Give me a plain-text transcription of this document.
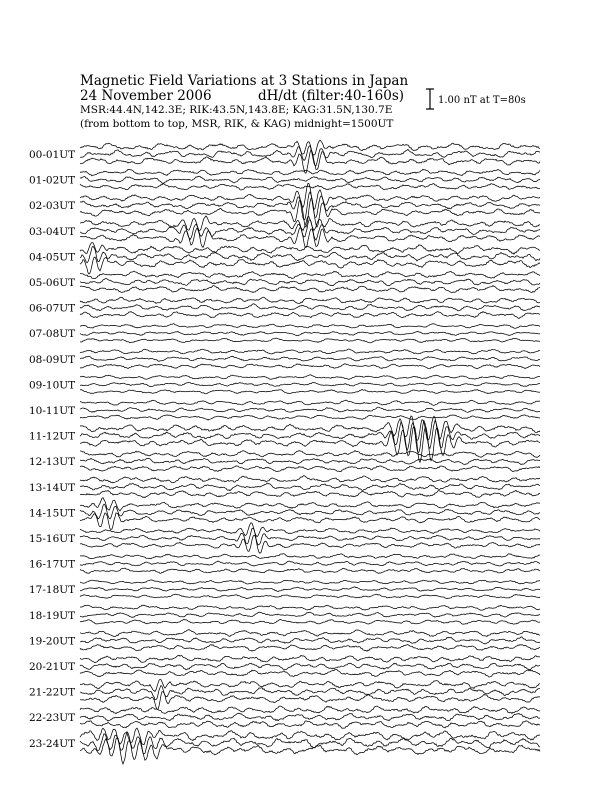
Magnetic Field Variations at 3 Stations in Japan
24 November 2006	dH/dt (filter:40-160s)
MSR:44.4N,142.3E; RIK:43.5N,143.8E; KAG:31.5N,130.7E
(from bottom to top, MSR, RIK, & KAG) midnight=1500UT
1.00 nT at T=80s
00-01UT
01-02UT
02-03UT
03-04UT
04-05UT
05-06UT
06-07UT
07-08UT
08-09UT
09-10UT
10-11UT
11-12UT
12-13UT
13-14UT
14-15UT
15-16UT
16-17UT
17-18UT
18-19UT
19-20UT
20-21UT
21-22UT
22-23UT
23-24UT
